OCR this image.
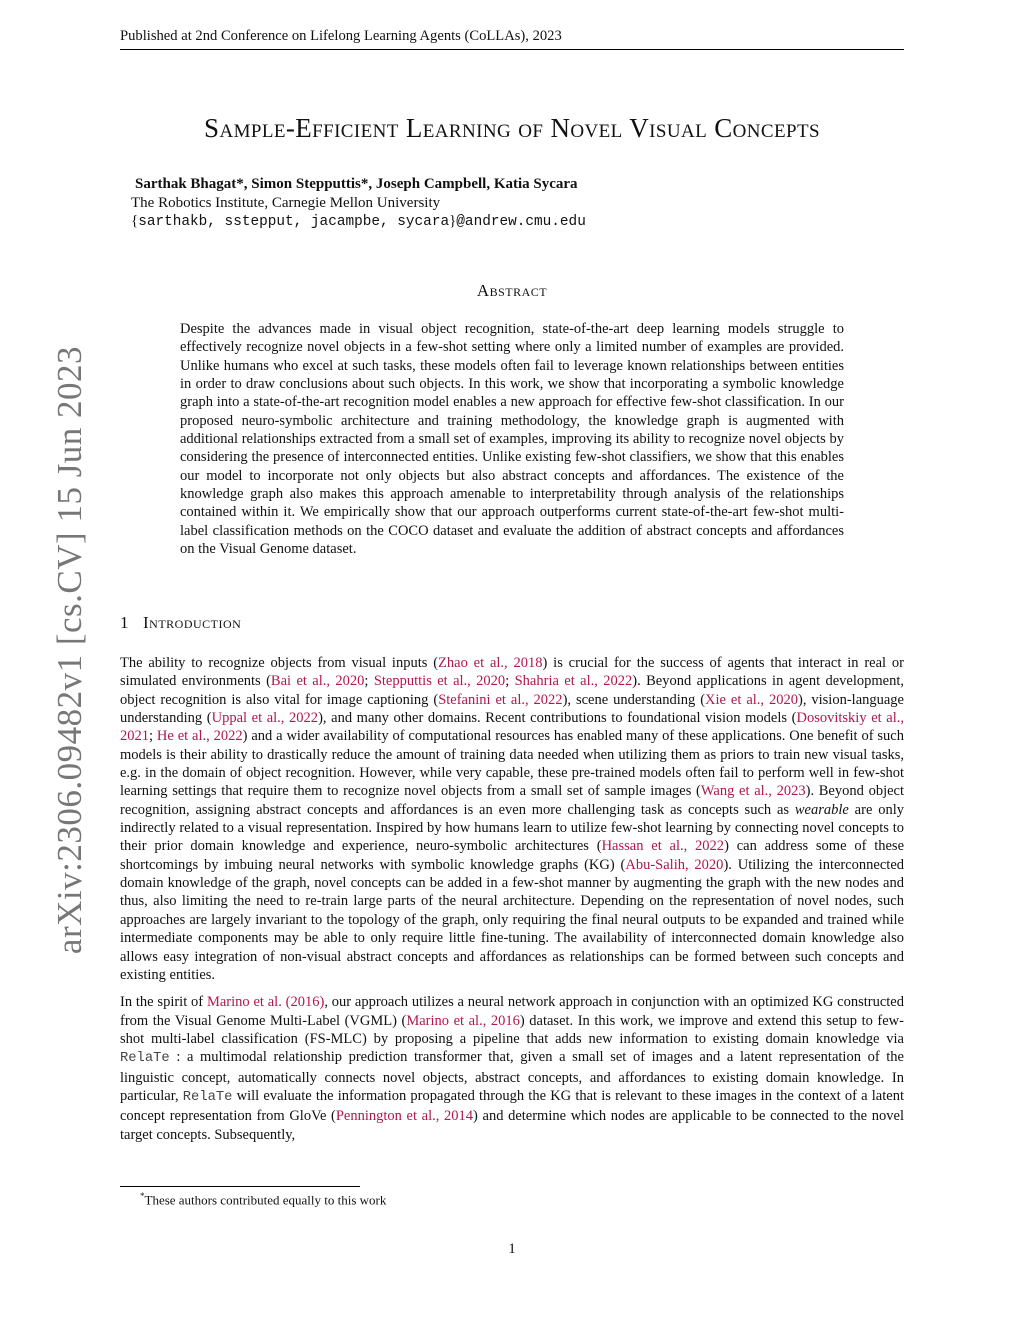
Published at 2nd Conference on Lifelong Learning Agents (CoLLAs), 2023
arXiv:2306.09482v1 [cs.CV] 15 Jun 2023
Sample-Efficient Learning of Novel Visual Concepts
Sarthak Bhagat*, Simon Stepputtis*, Joseph Campbell, Katia Sycara
The Robotics Institute, Carnegie Mellon University
{sarthakb, sstepput, jacampbe, sycara}@andrew.cmu.edu
Abstract
Despite the advances made in visual object recognition, state-of-the-art deep learning models struggle to effectively recognize novel objects in a few-shot setting where only a limited number of examples are provided. Unlike humans who excel at such tasks, these models often fail to leverage known relationships between entities in order to draw conclusions about such objects. In this work, we show that incorporating a symbolic knowledge graph into a state-of-the-art recognition model enables a new approach for effective few-shot classification. In our proposed neuro-symbolic architecture and training methodology, the knowledge graph is augmented with additional relationships extracted from a small set of examples, improving its ability to recognize novel objects by considering the presence of interconnected entities. Unlike existing few-shot classifiers, we show that this enables our model to incorporate not only objects but also abstract concepts and affordances. The existence of the knowledge graph also makes this approach amenable to interpretability through analysis of the relationships contained within it. We empirically show that our approach outperforms current state-of-the-art few-shot multi-label classification methods on the COCO dataset and evaluate the addition of abstract concepts and affordances on the Visual Genome dataset.
1 Introduction

The ability to recognize objects from visual inputs (Zhao et al., 2018) is crucial for the success of agents that interact in real or simulated environments (Bai et al., 2020; Stepputtis et al., 2020; Shahria et al., 2022). Beyond applications in agent development, object recognition is also vital for image captioning (Stefanini et al., 2022), scene understanding (Xie et al., 2020), vision-language understanding (Uppal et al., 2022), and many other domains. Recent contributions to foundational vision models (Dosovitskiy et al., 2021; He et al., 2022) and a wider availability of computational resources has enabled many of these applications. One benefit of such models is their ability to drastically reduce the amount of training data needed when utilizing them as priors to train new visual tasks, e.g. in the domain of object recognition. However, while very capable, these pre-trained models often fail to perform well in few-shot learning settings that require them to recognize novel objects from a small set of sample images (Wang et al., 2023). Beyond object recognition, assigning abstract concepts and affordances is an even more challenging task as concepts such as wearable are only indirectly related to a visual representation. Inspired by how humans learn to utilize few-shot learning by connecting novel concepts to their prior domain knowledge and experience, neuro-symbolic architectures (Hassan et al., 2022) can address some of these shortcomings by imbuing neural networks with symbolic knowledge graphs (KG) (Abu-Salih, 2020). Utilizing the interconnected domain knowledge of the graph, novel concepts can be added in a few-shot manner by augmenting the graph with the new nodes and thus, also limiting the need to re-train large parts of the neural architecture. Depending on the representation of novel nodes, such approaches are largely invariant to the topology of the graph, only requiring the final neural outputs to be expanded and trained while intermediate components may be able to only require little fine-tuning. The availability of interconnected domain knowledge also allows easy integration of non-visual abstract concepts and affordances as relationships can be formed between such concepts and existing entities.

In the spirit of Marino et al. (2016), our approach utilizes a neural network approach in conjunction with an optimized KG constructed from the Visual Genome Multi-Label (VGML) (Marino et al., 2016) dataset. In this work, we improve and extend this setup to few-shot multi-label classification (FS-MLC) by proposing a pipeline that adds new information to existing domain knowledge via RelaTe : a multimodal relationship prediction transformer that, given a small set of images and a latent representation of the linguistic concept, automatically connects novel objects, abstract concepts, and affordances to existing domain knowledge. In particular, RelaTe will evaluate the information propagated through the KG that is relevant to these images in the context of a latent concept representation from GloVe (Pennington et al., 2014) and determine which nodes are applicable to be connected to the novel target concepts. Subsequently,

*These authors contributed equally to this work
1
